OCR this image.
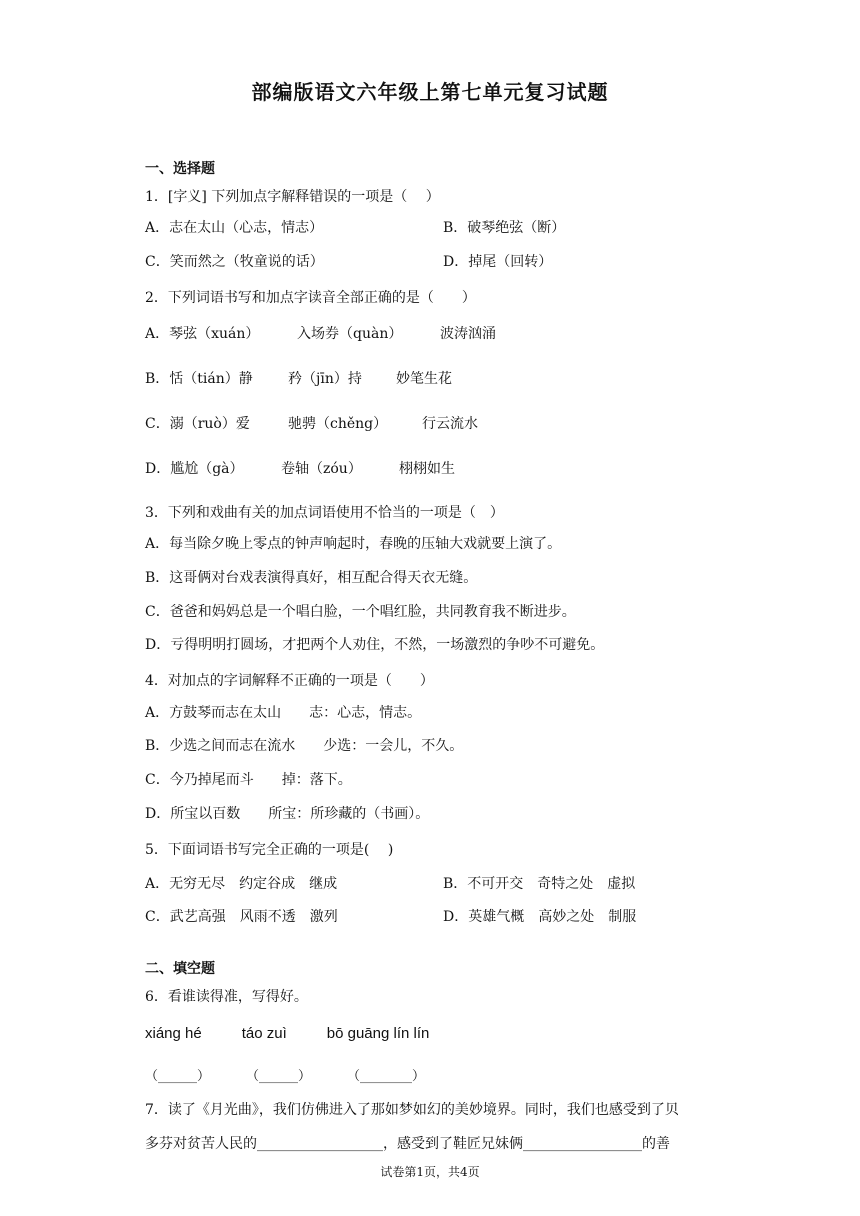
部编版语文六年级上第七单元复习试题
一、选择题
1．[字义] 下列加点字解释错误的一项是（　 ）
A．志在太山（心志，情志）	B．破琴绝弦（断）
C．笑而然之（牧童说的话）	D．掉尾（回转）
2．下列词语书写和加点字读音全部正确的是（　　）
A．琴弦（xuán）	入场券（quàn）	波涛汹涌
B．恬（tián）静	矜（jīn）持 妙笔生花
C．溺（ruò）爱	驰骋（chěng） 行云流水
D．尴尬（gà）	卷轴（zóu）	栩栩如生
3．下列和戏曲有关的加点词语使用不恰当的一项是（　）
A．每当除夕晚上零点的钟声响起时，春晚的压轴大戏就要上演了。
B．这哥俩对台戏表演得真好，相互配合得天衣无缝。
C．爸爸和妈妈总是一个唱白脸，一个唱红脸，共同教育我不断进步。
D．亏得明明打圆场，才把两个人劝住，不然，一场激烈的争吵不可避免。
4．对加点的字词解释不正确的一项是（　　）
A．方鼓琴而志在太山　　志：心志，情志。
B．少选之间而志在流水　　少选：一会儿，不久。
C．今乃掉尾而斗　　掉：落下。
D．所宝以百数　　所宝：所珍藏的（书画）。
5．下面词语书写完全正确的一项是(　 )
A．无穷无尽　约定谷成　继成	B．不可开交　奇特之处　虚拟
C．武艺高强　风雨不透　激列	D．英雄气概　高妙之处　制服
二、填空题
6．看谁读得准，写得好。
xiáng hé	táo zuì	bō guāng lín lín
（______）	（______）	（________）
7．读了《月光曲》，我们仿佛进入了那如梦如幻的美妙境界。同时，我们也感受到了贝
多芬对贫苦人民的__________________，感受到了鞋匠兄妹俩_________________的善
试卷第1页，共4页
